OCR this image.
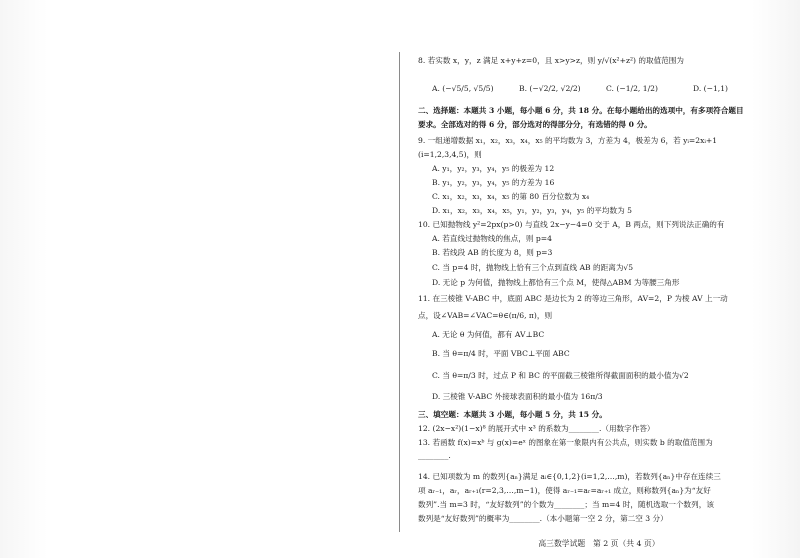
8. 若实数 x，y，z 满足 x+y+z=0，且 x>y>z，则 y/√(x²+z²) 的取值范围为
A. (−√5/5, √5/5)	B. (−√2/2, √2/2)	C. (−1/2, 1/2)	D. (−1,1)
二、选择题：本题共 3 小题，每小题 6 分，共 18 分。在每小题给出的选项中，有多项符合题目
要求。全部选对的得 6 分，部分选对的得部分分，有选错的得 0 分。
9. 一组递增数据 x₁，x₂，x₃，x₄，x₅ 的平均数为 3，方差为 4，极差为 6，若 yᵢ=2xᵢ+1
(i=1,2,3,4,5)，则
A. y₁，y₂，y₃，y₄，y₅ 的极差为 12
B. y₁，y₂，y₃，y₄，y₅ 的方差为 16
C. x₁，x₂，x₃，x₄，x₅ 的第 80 百分位数为 x₄
D. x₁，x₂，x₃，x₄，x₅，y₁，y₂，y₃，y₄，y₅ 的平均数为 5
10. 已知抛物线 y²=2px(p>0) 与直线 2x−y−4=0 交于 A，B 两点，则下列说法正确的有
A. 若直线过抛物线的焦点，则 p=4
B. 若线段 AB 的长度为 8，则 p=3
C. 当 p=4 时，抛物线上恰有三个点到直线 AB 的距离为√5
D. 无论 p 为何值，抛物线上都恰有三个点 M，使得△ABM 为等腰三角形
11. 在三棱锥 V-ABC 中，底面 ABC 是边长为 2 的等边三角形，AV=2，P 为棱 AV 上一动
点，设∠VAB=∠VAC=θ∈(π/6, π)，则
A. 无论 θ 为何值，都有 AV⊥BC
B. 当 θ=π/4 时，平面 VBC⊥平面 ABC
C. 当 θ=π/3 时，过点 P 和 BC 的平面截三棱锥所得截面面积的最小值为√2
D. 三棱锥 V-ABC 外接球表面积的最小值为 16π/3
三、填空题：本题共 3 小题，每小题 5 分，共 15 分。
12. (2x−x²)(1−x)⁸ 的展开式中 x³ 的系数为________.（用数字作答）
13. 若函数 f(x)=xᵇ 与 g(x)=eˣ 的图象在第一象限内有公共点，则实数 b 的取值范围为
________.
14. 已知项数为 m 的数列{aₙ}满足 aᵢ∈{0,1,2}(i=1,2,…,m)，若数列{aₙ}中存在连续三
项 aᵣ₋₁，aᵣ，aᵣ₊₁(r=2,3,…,m−1)，使得 aᵣ₋₁=aᵣ=aᵣ₊₁ 成立，则称数列{aₙ}为“友好
数列”.当 m=3 时，“友好数列”的个数为________；当 m=4 时，随机选取一个数列，该
数列是“友好数列”的概率为________.（本小题第一空 2 分，第二空 3 分）
高三数学试题　第 2 页（共 4 页）
